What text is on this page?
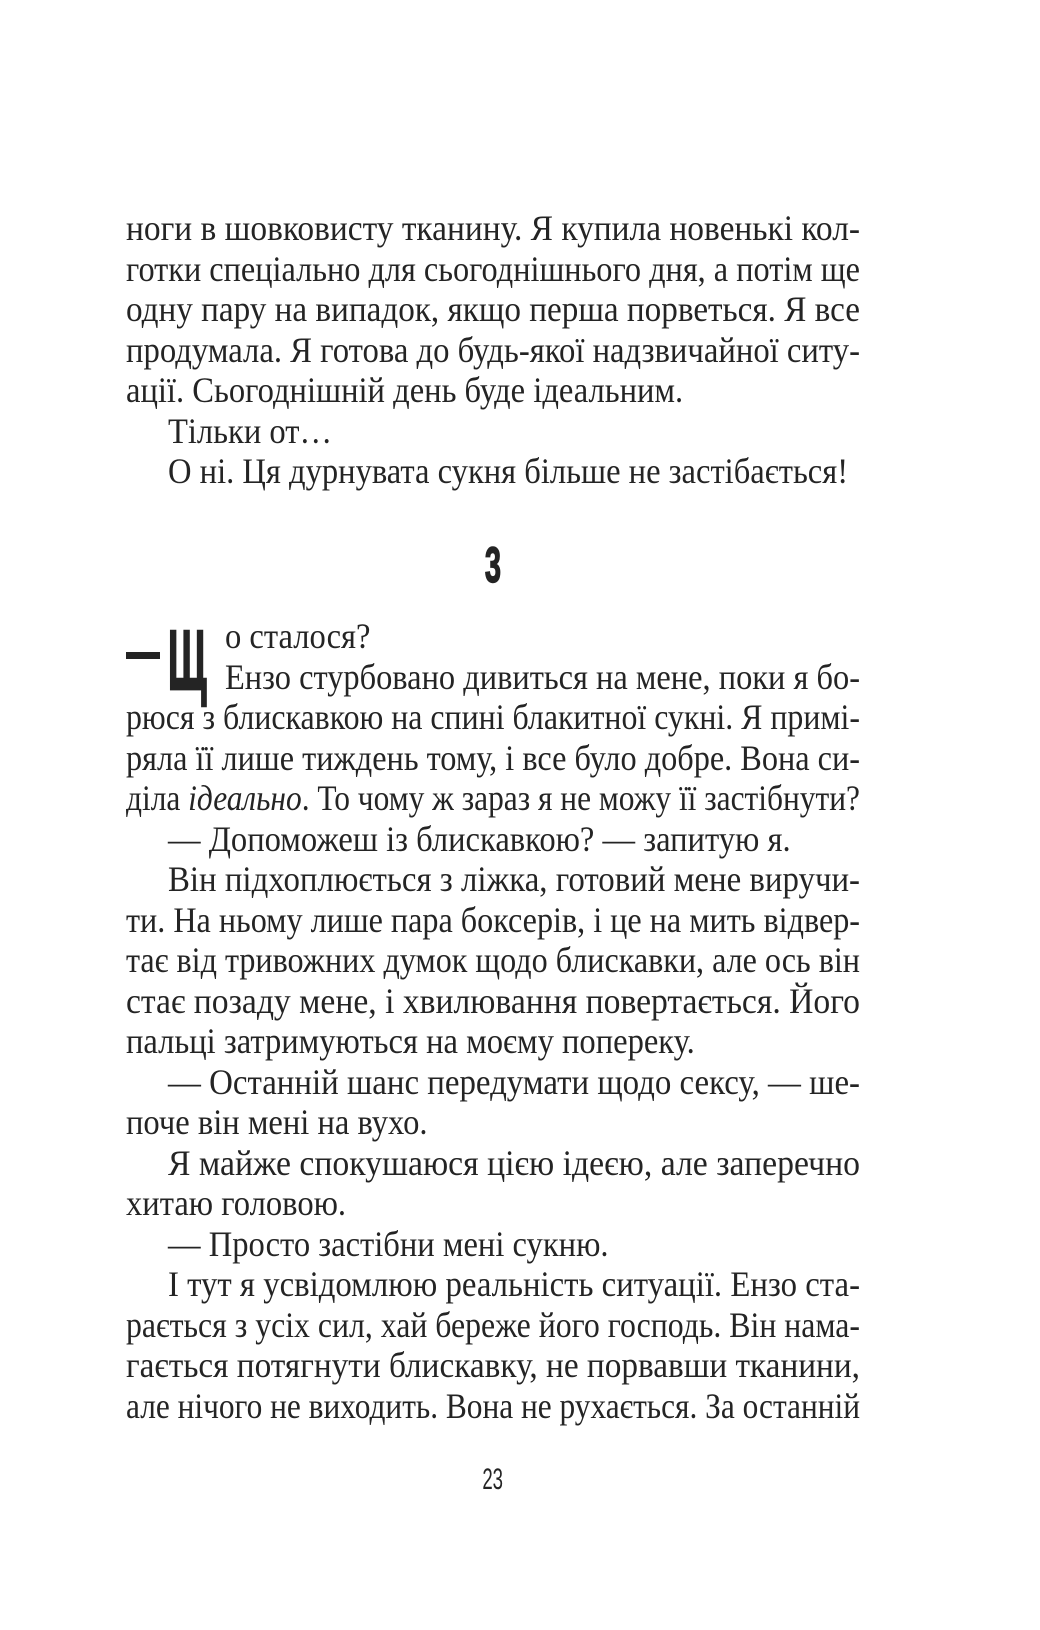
ноги в шовковисту тканину. Я купила новенькі кол-
готки спеціально для сьогоднішнього дня, а потім ще
одну пару на випадок, якщо перша порветься. Я все
продумала. Я готова до будь-якої надзвичайної ситу-
ації. Сьогоднішній день буде ідеальним.
Тільки от…
О ні. Ця дурнувата сукня більше не застібається!
3
Щ о сталося?
Ензо стурбовано дивиться на мене, поки я бо-
рюся з блискавкою на спині блакитної сукні. Я примі-
ряла її лише тиждень тому, і все було добре. Вона си-
діла ідеально. То чому ж зараз я не можу її застібнути?
— Допоможеш із блискавкою? — запитую я.
Він підхоплюється з ліжка, готовий мене виручи-
ти. На ньому лише пара боксерів, і це на мить відвер-
тає від тривожних думок щодо блискавки, але ось він
стає позаду мене, і хвилювання повертається. Його
пальці затримуються на моєму попереку.
— Останній шанс передумати щодо сексу, — ше-
поче він мені на вухо.
Я майже спокушаюся цією ідеєю, але заперечно
хитаю головою.
— Просто застібни мені сукню.
І тут я усвідомлюю реальність ситуації. Ензо ста-
рається з усіх сил, хай береже його господь. Він нама-
гається потягнути блискавку, не порвавши тканини,
але нічого не виходить. Вона не рухається. За останній
23
